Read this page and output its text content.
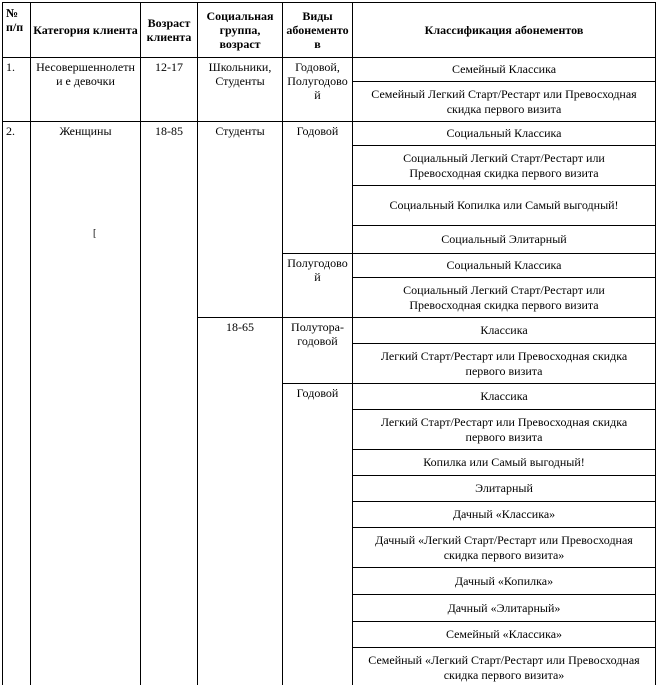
[
№ п/п	Категория клиента	Возраст клиента	Социальная группа, возраст	Виды абонементов	Классификация абонементов
1.	Несовершеннолетни е девочки	12-17	Школьники, Студенты	Годовой, Полугодовой	Семейный Классика
					Семейный Легкий Старт/Рестарт или Превосходная скидка первого визита
2.	Женщины	18-85	Студенты	Годовой	Социальный Классика
					Социальный Легкий Старт/Рестарт или Превосходная скидка первого визита
					Социальный Копилка или Самый выгодный!
					Социальный Элитарный
				Полугодовой	Социальный Классика
					Социальный Легкий Старт/Рестарт или Превосходная скидка первого визита
			18-65	Полутора-годовой	Классика
					Легкий Старт/Рестарт или Превосходная скидка первого визита
				Годовой	Классика
					Легкий Старт/Рестарт или Превосходная скидка первого визита
					Копилка или Самый выгодный!
					Элитарный
					Дачный «Классика»
					Дачный «Легкий Старт/Рестарт или Превосходная скидка первого визита»
					Дачный «Копилка»
					Дачный «Элитарный»
					Семейный «Классика»
					Семейный «Легкий Старт/Рестарт или Превосходная скидка первого визита»
